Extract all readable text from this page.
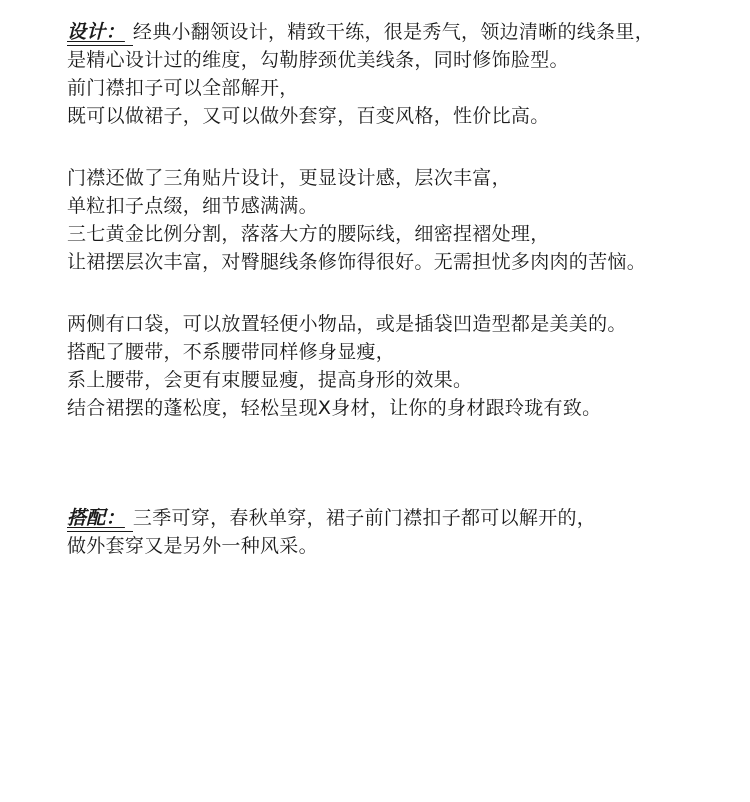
设计： 经典小翻领设计，精致干练，很是秀气，领边清晰的线条里，
是精心设计过的维度，勾勒脖颈优美线条，同时修饰脸型。
前门襟扣子可以全部解开，
既可以做裙子，又可以做外套穿，百变风格，性价比高。
门襟还做了三角贴片设计，更显设计感，层次丰富，
单粒扣子点缀，细节感满满。
三七黄金比例分割，落落大方的腰际线，细密捏褶处理，
让裙摆层次丰富，对臀腿线条修饰得很好。无需担忧多肉肉的苦恼。
两侧有口袋，可以放置轻便小物品，或是插袋凹造型都是美美的。
搭配了腰带，不系腰带同样修身显瘦，
系上腰带，会更有束腰显瘦，提高身形的效果。
结合裙摆的蓬松度，轻松呈现X身材，让你的身材跟玲珑有致。
搭配： 三季可穿，春秋单穿，裙子前门襟扣子都可以解开的，
做外套穿又是另外一种风采。
